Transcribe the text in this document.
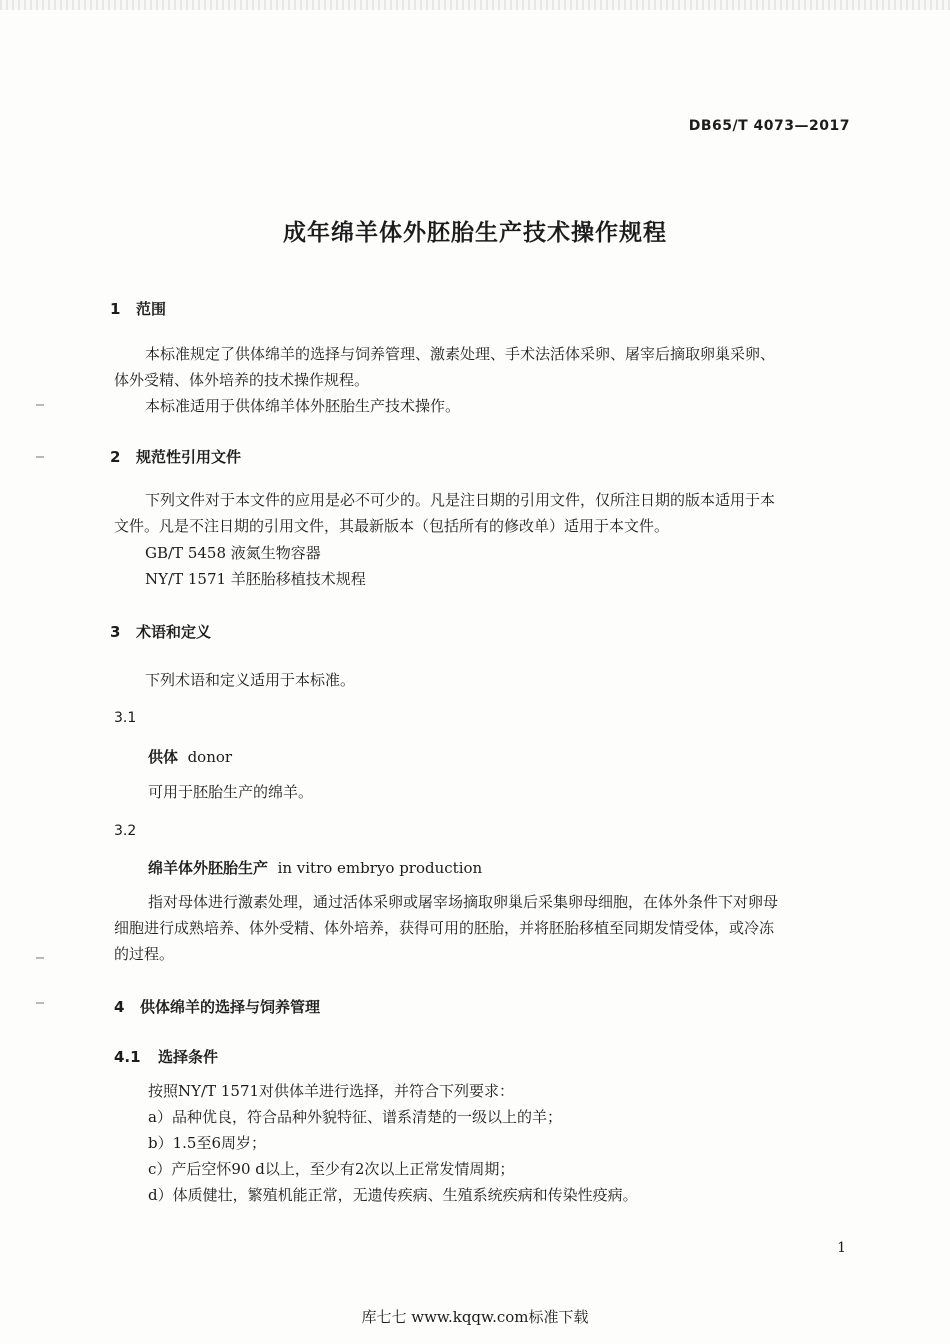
DB65/T 4073—2017
成年绵羊体外胚胎生产技术操作规程
1 范围
本标准规定了供体绵羊的选择与饲养管理、激素处理、手术法活体采卵、屠宰后摘取卵巢采卵、
体外受精、体外培养的技术操作规程。
本标准适用于供体绵羊体外胚胎生产技术操作。
2 规范性引用文件
下列文件对于本文件的应用是必不可少的。凡是注日期的引用文件，仅所注日期的版本适用于本
文件。凡是不注日期的引用文件，其最新版本（包括所有的修改单）适用于本文件。
GB/T 5458 液氮生物容器
NY/T 1571 羊胚胎移植技术规程
3 术语和定义
下列术语和定义适用于本标准。
3.1
供体 donor
可用于胚胎生产的绵羊。
3.2
绵羊体外胚胎生产 in vitro embryo production
指对母体进行激素处理，通过活体采卵或屠宰场摘取卵巢后采集卵母细胞，在体外条件下对卵母
细胞进行成熟培养、体外受精、体外培养，获得可用的胚胎，并将胚胎移植至同期发情受体，或冷冻
的过程。
4 供体绵羊的选择与饲养管理
4.1 选择条件
按照NY/T 1571对供体羊进行选择，并符合下列要求：
a）品种优良，符合品种外貌特征、谱系清楚的一级以上的羊；
b）1.5至6周岁；
c）产后空怀90 d以上，至少有2次以上正常发情周期；
d）体质健壮，繁殖机能正常，无遗传疾病、生殖系统疾病和传染性疫病。
1
库七七 www.kqqw.com标准下载
